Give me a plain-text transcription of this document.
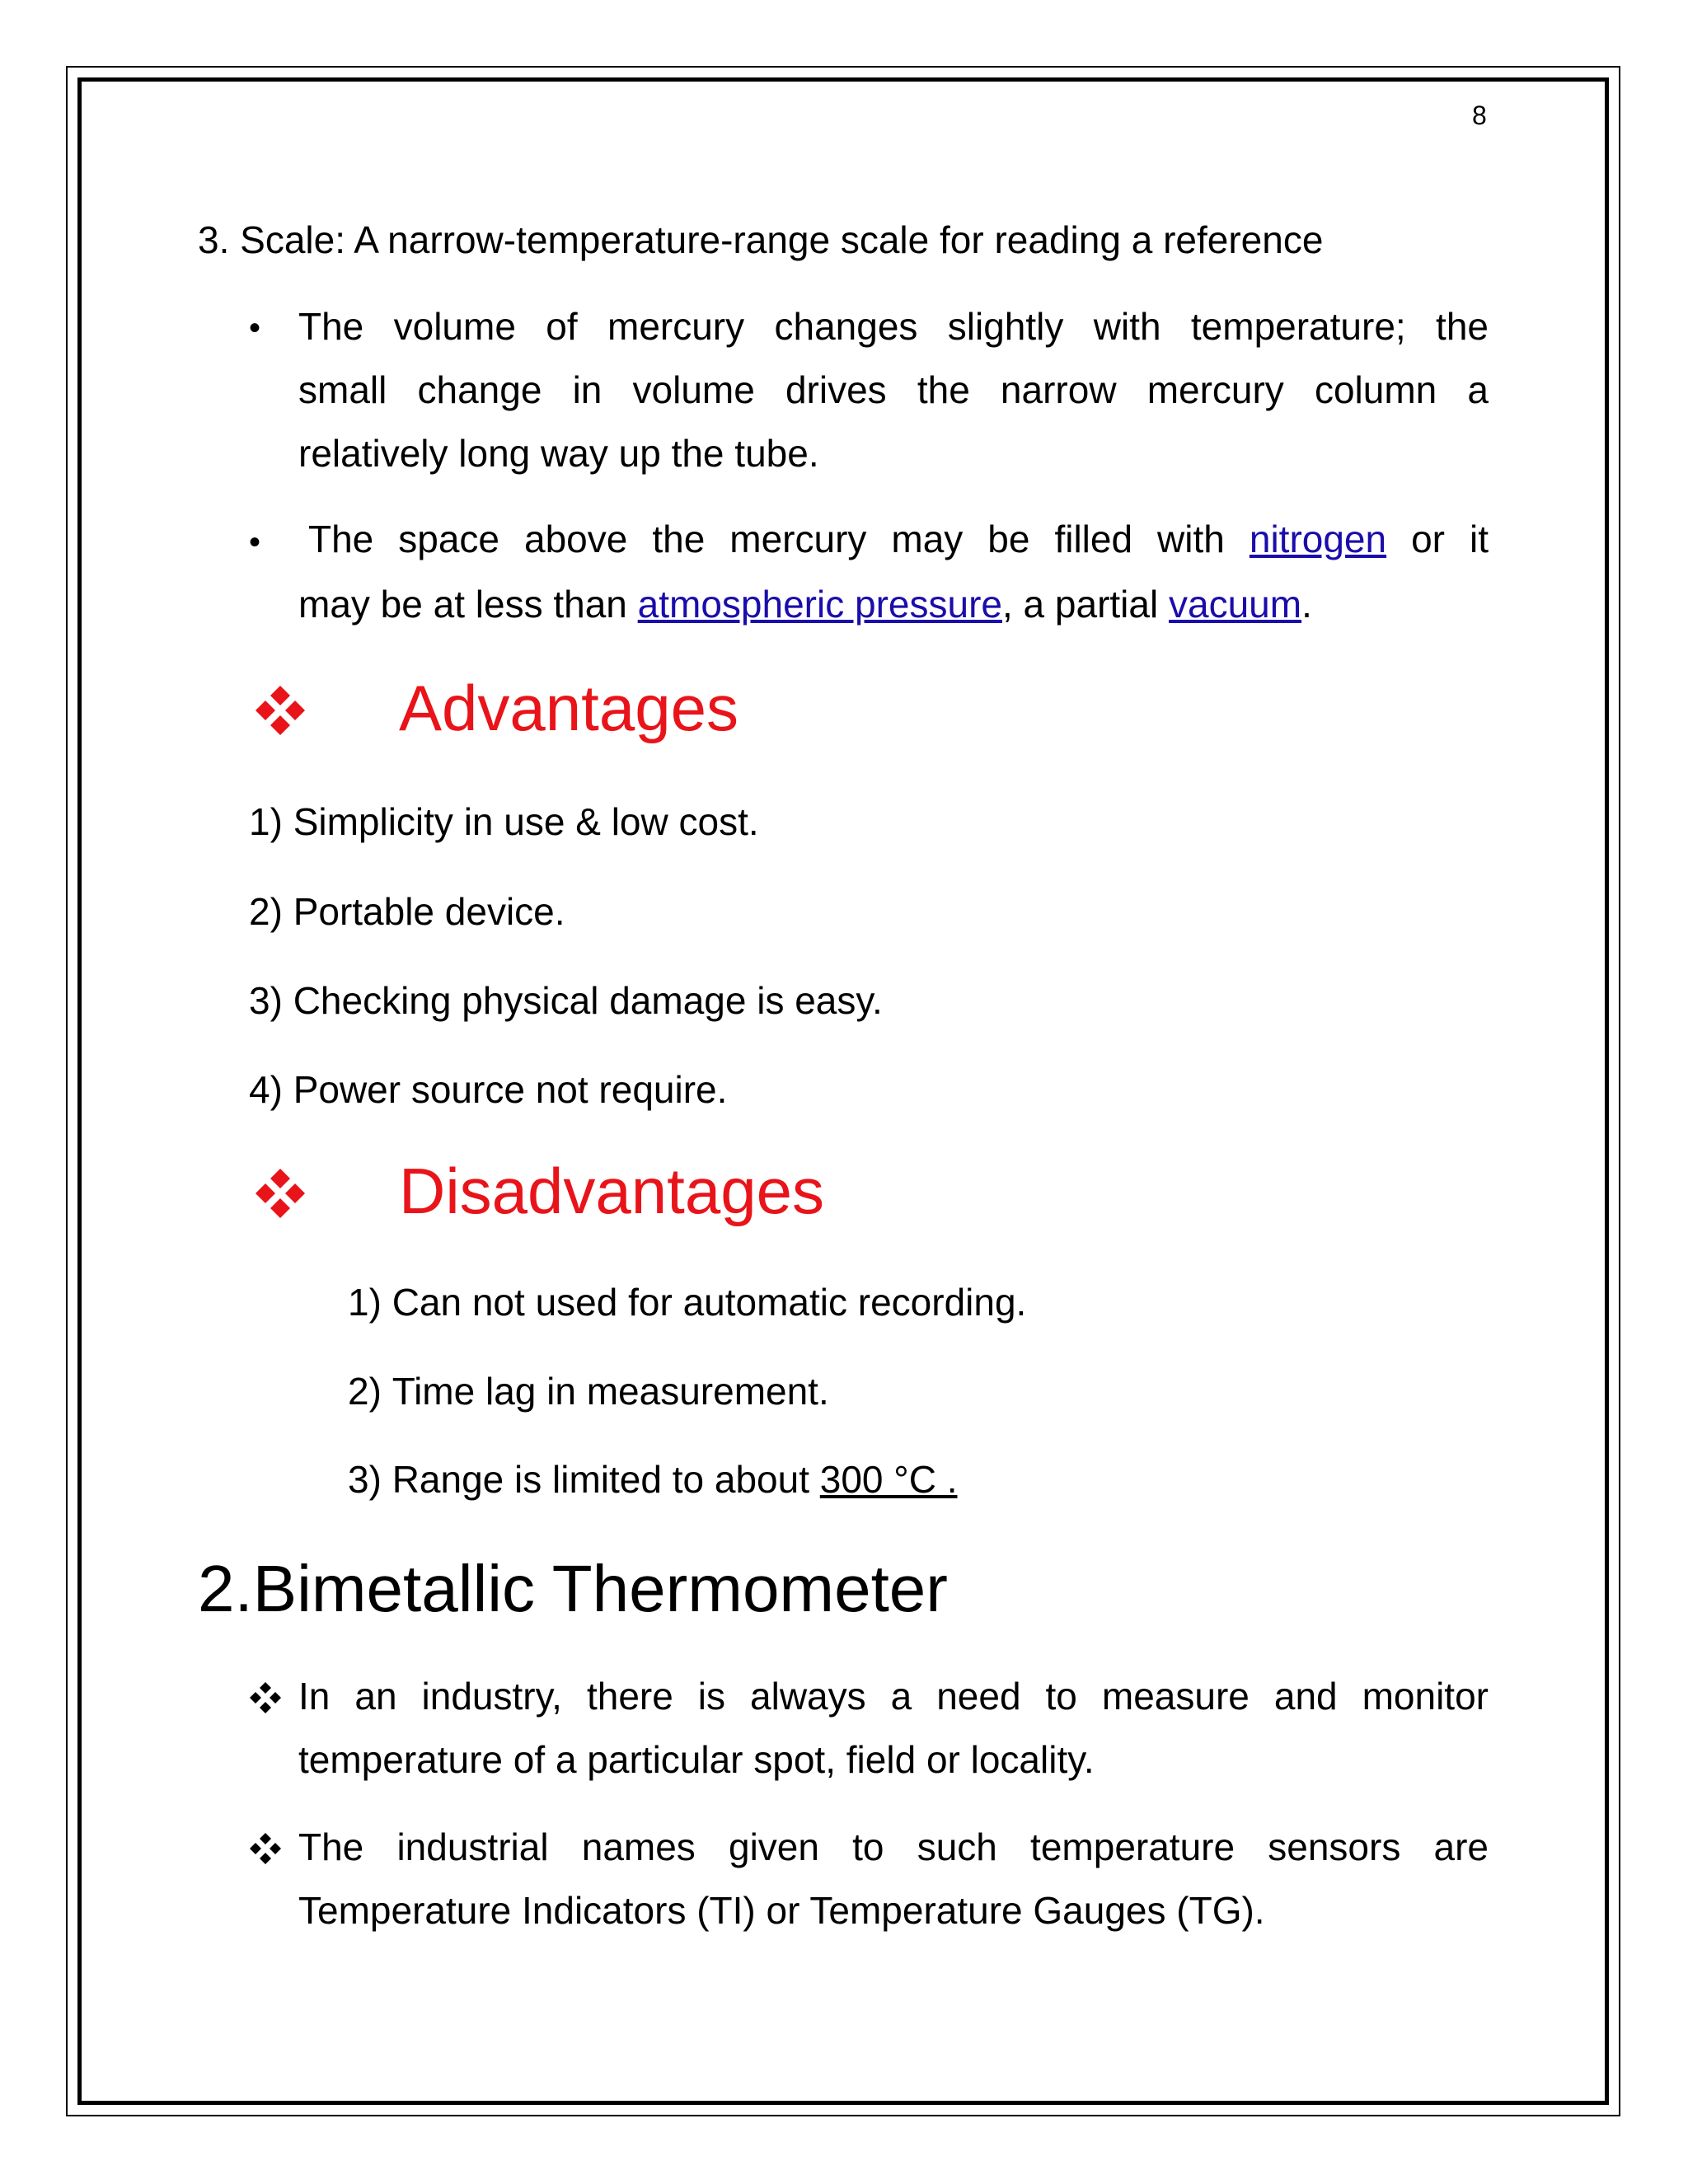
8
3. Scale: A narrow-temperature-range scale for reading a reference
• The volume of mercury changes slightly with temperature; the
small change in volume drives the narrow mercury column a
relatively long way up the tube.
• The space above the mercury may be filled with nitrogen or it
may be at less than atmospheric pressure, a partial vacuum.
Advantages
1) Simplicity in use & low cost.
2) Portable device.
3) Checking physical damage is easy.
4) Power source not require.
Disadvantages
1) Can not used for automatic recording.
2) Time lag in measurement.
3) Range is limited to about 300 °C .
2.Bimetallic Thermometer
In an industry, there is always a need to measure and monitor
temperature of a particular spot, field or locality.
The industrial names given to such temperature sensors are
Temperature Indicators (TI) or Temperature Gauges (TG).
